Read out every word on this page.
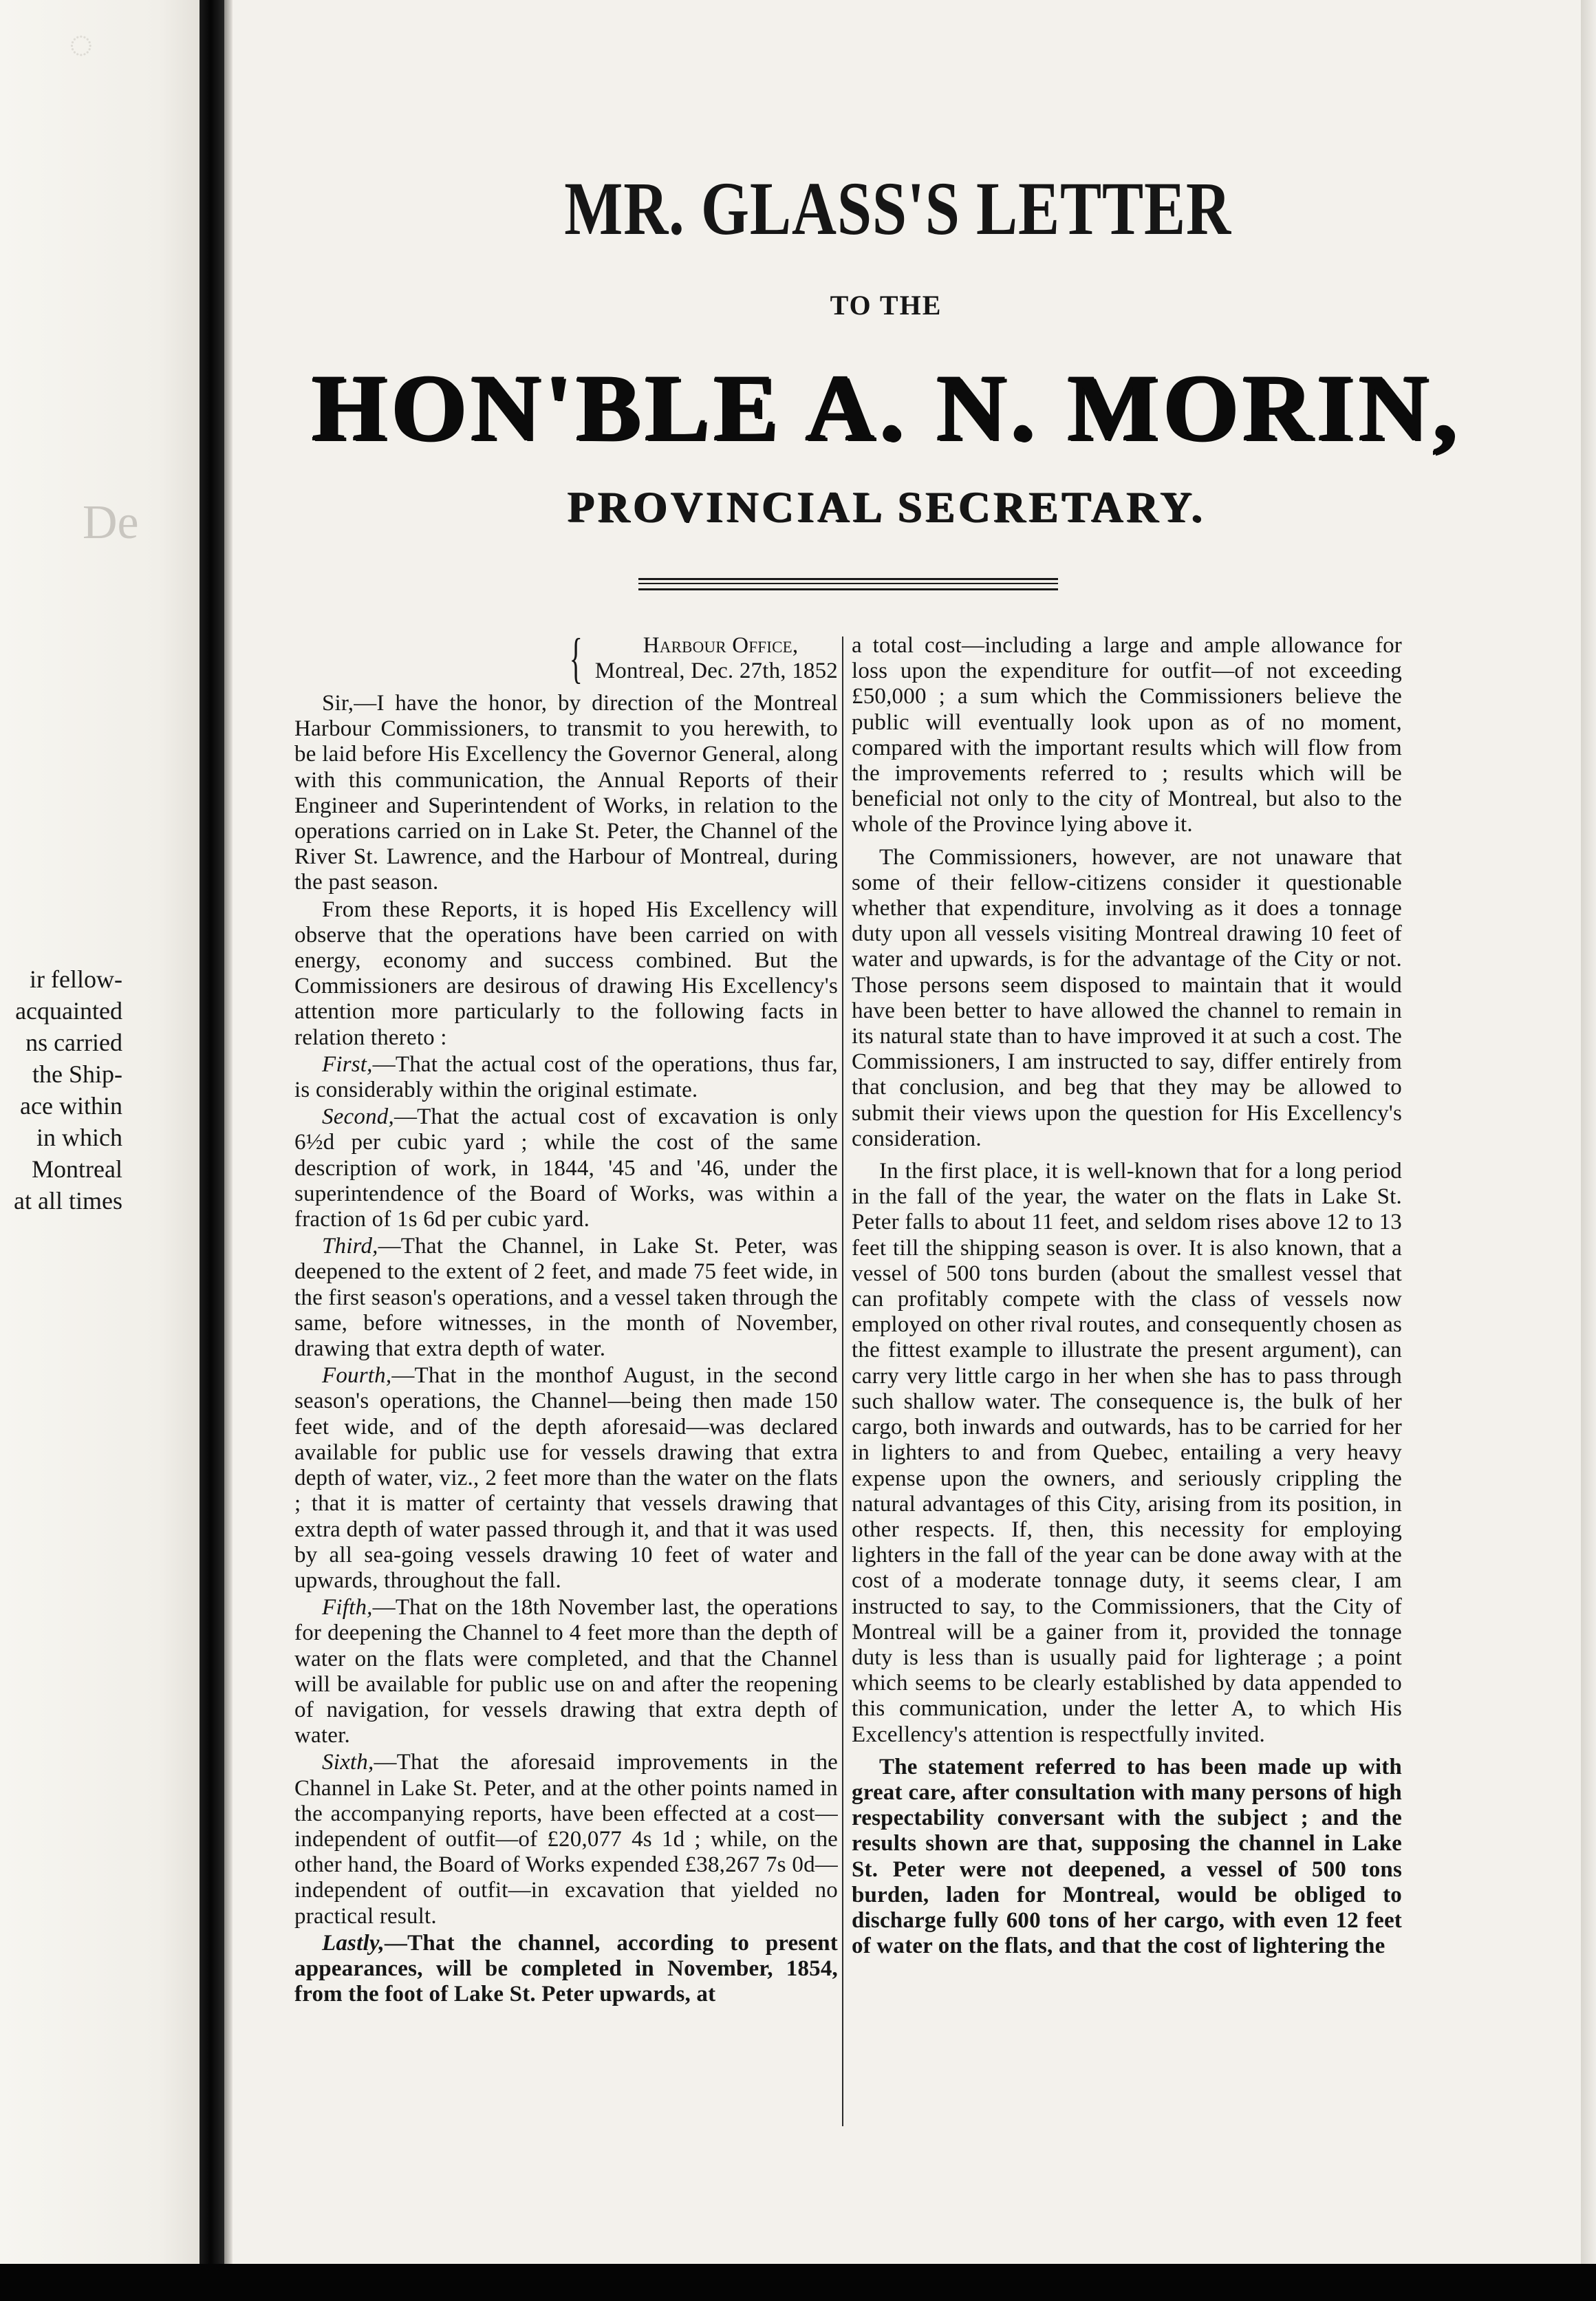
◌
De
ir fellow-
acquainted
ns carried
the Ship-
ace within
in which
Montreal
at all times
MR. GLASS'S LETTER
TO THE
HON'BLE A. N. MORIN,
PROVINCIAL SECRETARY.
{	Harbour Office,
Montreal, Dec. 27th, 1852

Sir,—I have the honor, by direction of the Montreal Harbour Commissioners, to transmit to you herewith, to be laid before His Excellency the Governor General, along with this communication, the Annual Reports of their Engineer and Superintendent of Works, in relation to the operations carried on in Lake St. Peter, the Channel of the River St. Lawrence, and the Harbour of Montreal, during the past season.

From these Reports, it is hoped His Excellency will observe that the operations have been carried on with energy, economy and success combined. But the Commissioners are desirous of drawing His Excellency's attention more particularly to the following facts in relation thereto :

First,—That the actual cost of the operations, thus far, is considerably within the original estimate.

Second,—That the actual cost of excavation is only 6½d per cubic yard ; while the cost of the same description of work, in 1844, '45 and '46, under the superintendence of the Board of Works, was within a fraction of 1s 6d per cubic yard.

Third,—That the Channel, in Lake St. Peter, was deepened to the extent of 2 feet, and made 75 feet wide, in the first season's operations, and a vessel taken through the same, before witnesses, in the month of November, drawing that extra depth of water.

Fourth,—That in the monthof August, in the second season's operations, the Channel—being then made 150 feet wide, and of the depth aforesaid—was declared available for public use for vessels drawing that extra depth of water, viz., 2 feet more than the water on the flats ; that it is matter of certainty that vessels drawing that extra depth of water passed through it, and that it was used by all sea-going vessels drawing 10 feet of water and upwards, throughout the fall.

Fifth,—That on the 18th November last, the operations for deepening the Channel to 4 feet more than the depth of water on the flats were completed, and that the Channel will be available for public use on and after the reopening of navigation, for vessels drawing that extra depth of water.

Sixth,—That the aforesaid improvements in the Channel in Lake St. Peter, and at the other points named in the accompanying reports, have been effected at a cost—independent of outfit—of £20,077 4s 1d ; while, on the other hand, the Board of Works expended £38,267 7s 0d—independent of outfit—in excavation that yielded no practical result.

Lastly,—That the channel, according to present appearances, will be completed in November, 1854, from the foot of Lake St. Peter upwards, at

a total cost—including a large and ample allowance for loss upon the expenditure for outfit—of not exceeding £50,000 ; a sum which the Commissioners believe the public will eventually look upon as of no moment, compared with the important results which will flow from the improvements referred to ; results which will be beneficial not only to the city of Montreal, but also to the whole of the Province lying above it.

The Commissioners, however, are not unaware that some of their fellow-citizens consider it questionable whether that expenditure, involving as it does a tonnage duty upon all vessels visiting Montreal drawing 10 feet of water and upwards, is for the advantage of the City or not. Those persons seem disposed to maintain that it would have been better to have allowed the channel to remain in its natural state than to have improved it at such a cost. The Commissioners, I am instructed to say, differ entirely from that conclusion, and beg that they may be allowed to submit their views upon the question for His Excellency's consideration.

In the first place, it is well-known that for a long period in the fall of the year, the water on the flats in Lake St. Peter falls to about 11 feet, and seldom rises above 12 to 13 feet till the shipping season is over. It is also known, that a vessel of 500 tons burden (about the smallest vessel that can profitably compete with the class of vessels now employed on other rival routes, and consequently chosen as the fittest example to illustrate the present argument), can carry very little cargo in her when she has to pass through such shallow water. The consequence is, the bulk of her cargo, both inwards and outwards, has to be carried for her in lighters to and from Quebec, entailing a very heavy expense upon the owners, and seriously crippling the natural advantages of this City, arising from its position, in other respects. If, then, this necessity for employing lighters in the fall of the year can be done away with at the cost of a moderate tonnage duty, it seems clear, I am instructed to say, to the Commissioners, that the City of Montreal will be a gainer from it, provided the tonnage duty is less than is usually paid for lighterage ; a point which seems to be clearly established by data appended to this communication, under the letter A, to which His Excellency's attention is respectfully invited.

The statement referred to has been made up with great care, after consultation with many persons of high respectability conversant with the subject ; and the results shown are that, supposing the channel in Lake St. Peter were not deepened, a vessel of 500 tons burden, laden for Montreal, would be obliged to discharge fully 600 tons of her cargo, with even 12 feet of water on the flats, and that the cost of lightering the
